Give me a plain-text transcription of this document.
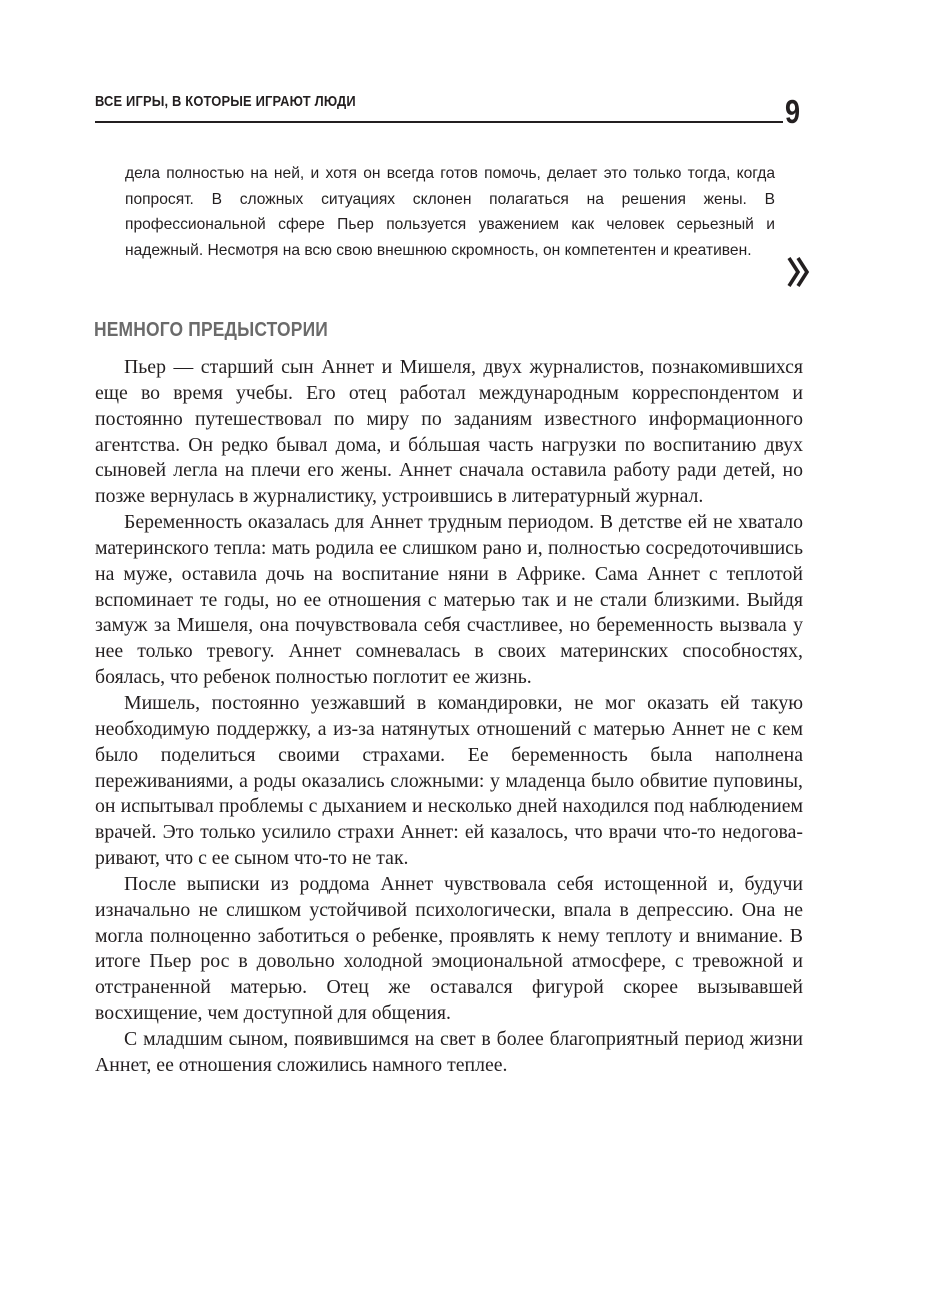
ВСЕ ИГРЫ, В КОТОРЫЕ ИГРАЮТ ЛЮДИ	9

дела полностью на ней, и хотя он всегда готов помочь, делает это только тогда, когда попросят. В сложных ситуациях склонен полагаться на решения жены. В профессиональной сфере Пьер пользуется уважением как человек серьезный и надежный. Несмотря на всю свою внешнюю скромность, он компетентен и креативен.

НЕМНОГО ПРЕДЫСТОРИИ

Пьер — старший сын Аннет и Мишеля, двух журналистов, познакомившихся еще во время учебы. Его отец работал международным корреспондентом и постоянно путешествовал по миру по заданиям известного информационного агентства. Он редко бывал дома, и бóльшая часть нагрузки по воспитанию двух сыновей легла на плечи его жены. Аннет сначала оставила работу ради детей, но позже вернулась в журналистику, устроившись в литературный журнал.

Беременность оказалась для Аннет трудным периодом. В детстве ей не хватало материнского тепла: мать родила ее слишком рано и, полностью сосредоточившись на муже, оставила дочь на воспитание няни в Африке. Сама Аннет с теплотой вспоминает те годы, но ее отношения с матерью так и не стали близкими. Выйдя замуж за Мишеля, она почувствовала себя счастливее, но беременность вызвала у нее только тревогу. Аннет сомневалась в своих материнских способностях, боялась, что ребенок полностью поглотит ее жизнь.

Мишель, постоянно уезжавший в командировки, не мог оказать ей такую необходимую поддержку, а из-за натянутых отношений с матерью Аннет не с кем было поделиться своими страхами. Ее беременность была наполнена переживаниями, а роды оказались сложными: у младенца было обвитие пуповины, он испытывал проблемы с дыханием и несколько дней находился под наблюдением врачей. Это только усилило страхи Аннет: ей казалось, что врачи что-то недоговаривают, что с ее сыном что-то не так.

После выписки из роддома Аннет чувствовала себя истощенной и, будучи изначально не слишком устойчивой психологически, впала в депрессию. Она не могла полноценно заботиться о ребенке, проявлять к нему теплоту и внимание. В итоге Пьер рос в довольно холодной эмоциональной атмосфере, с тревожной и отстраненной матерью. Отец же оставался фигурой скорее вызывавшей восхищение, чем доступной для общения.

С младшим сыном, появившимся на свет в более благоприятный период жизни Аннет, ее отношения сложились намного теплее.
